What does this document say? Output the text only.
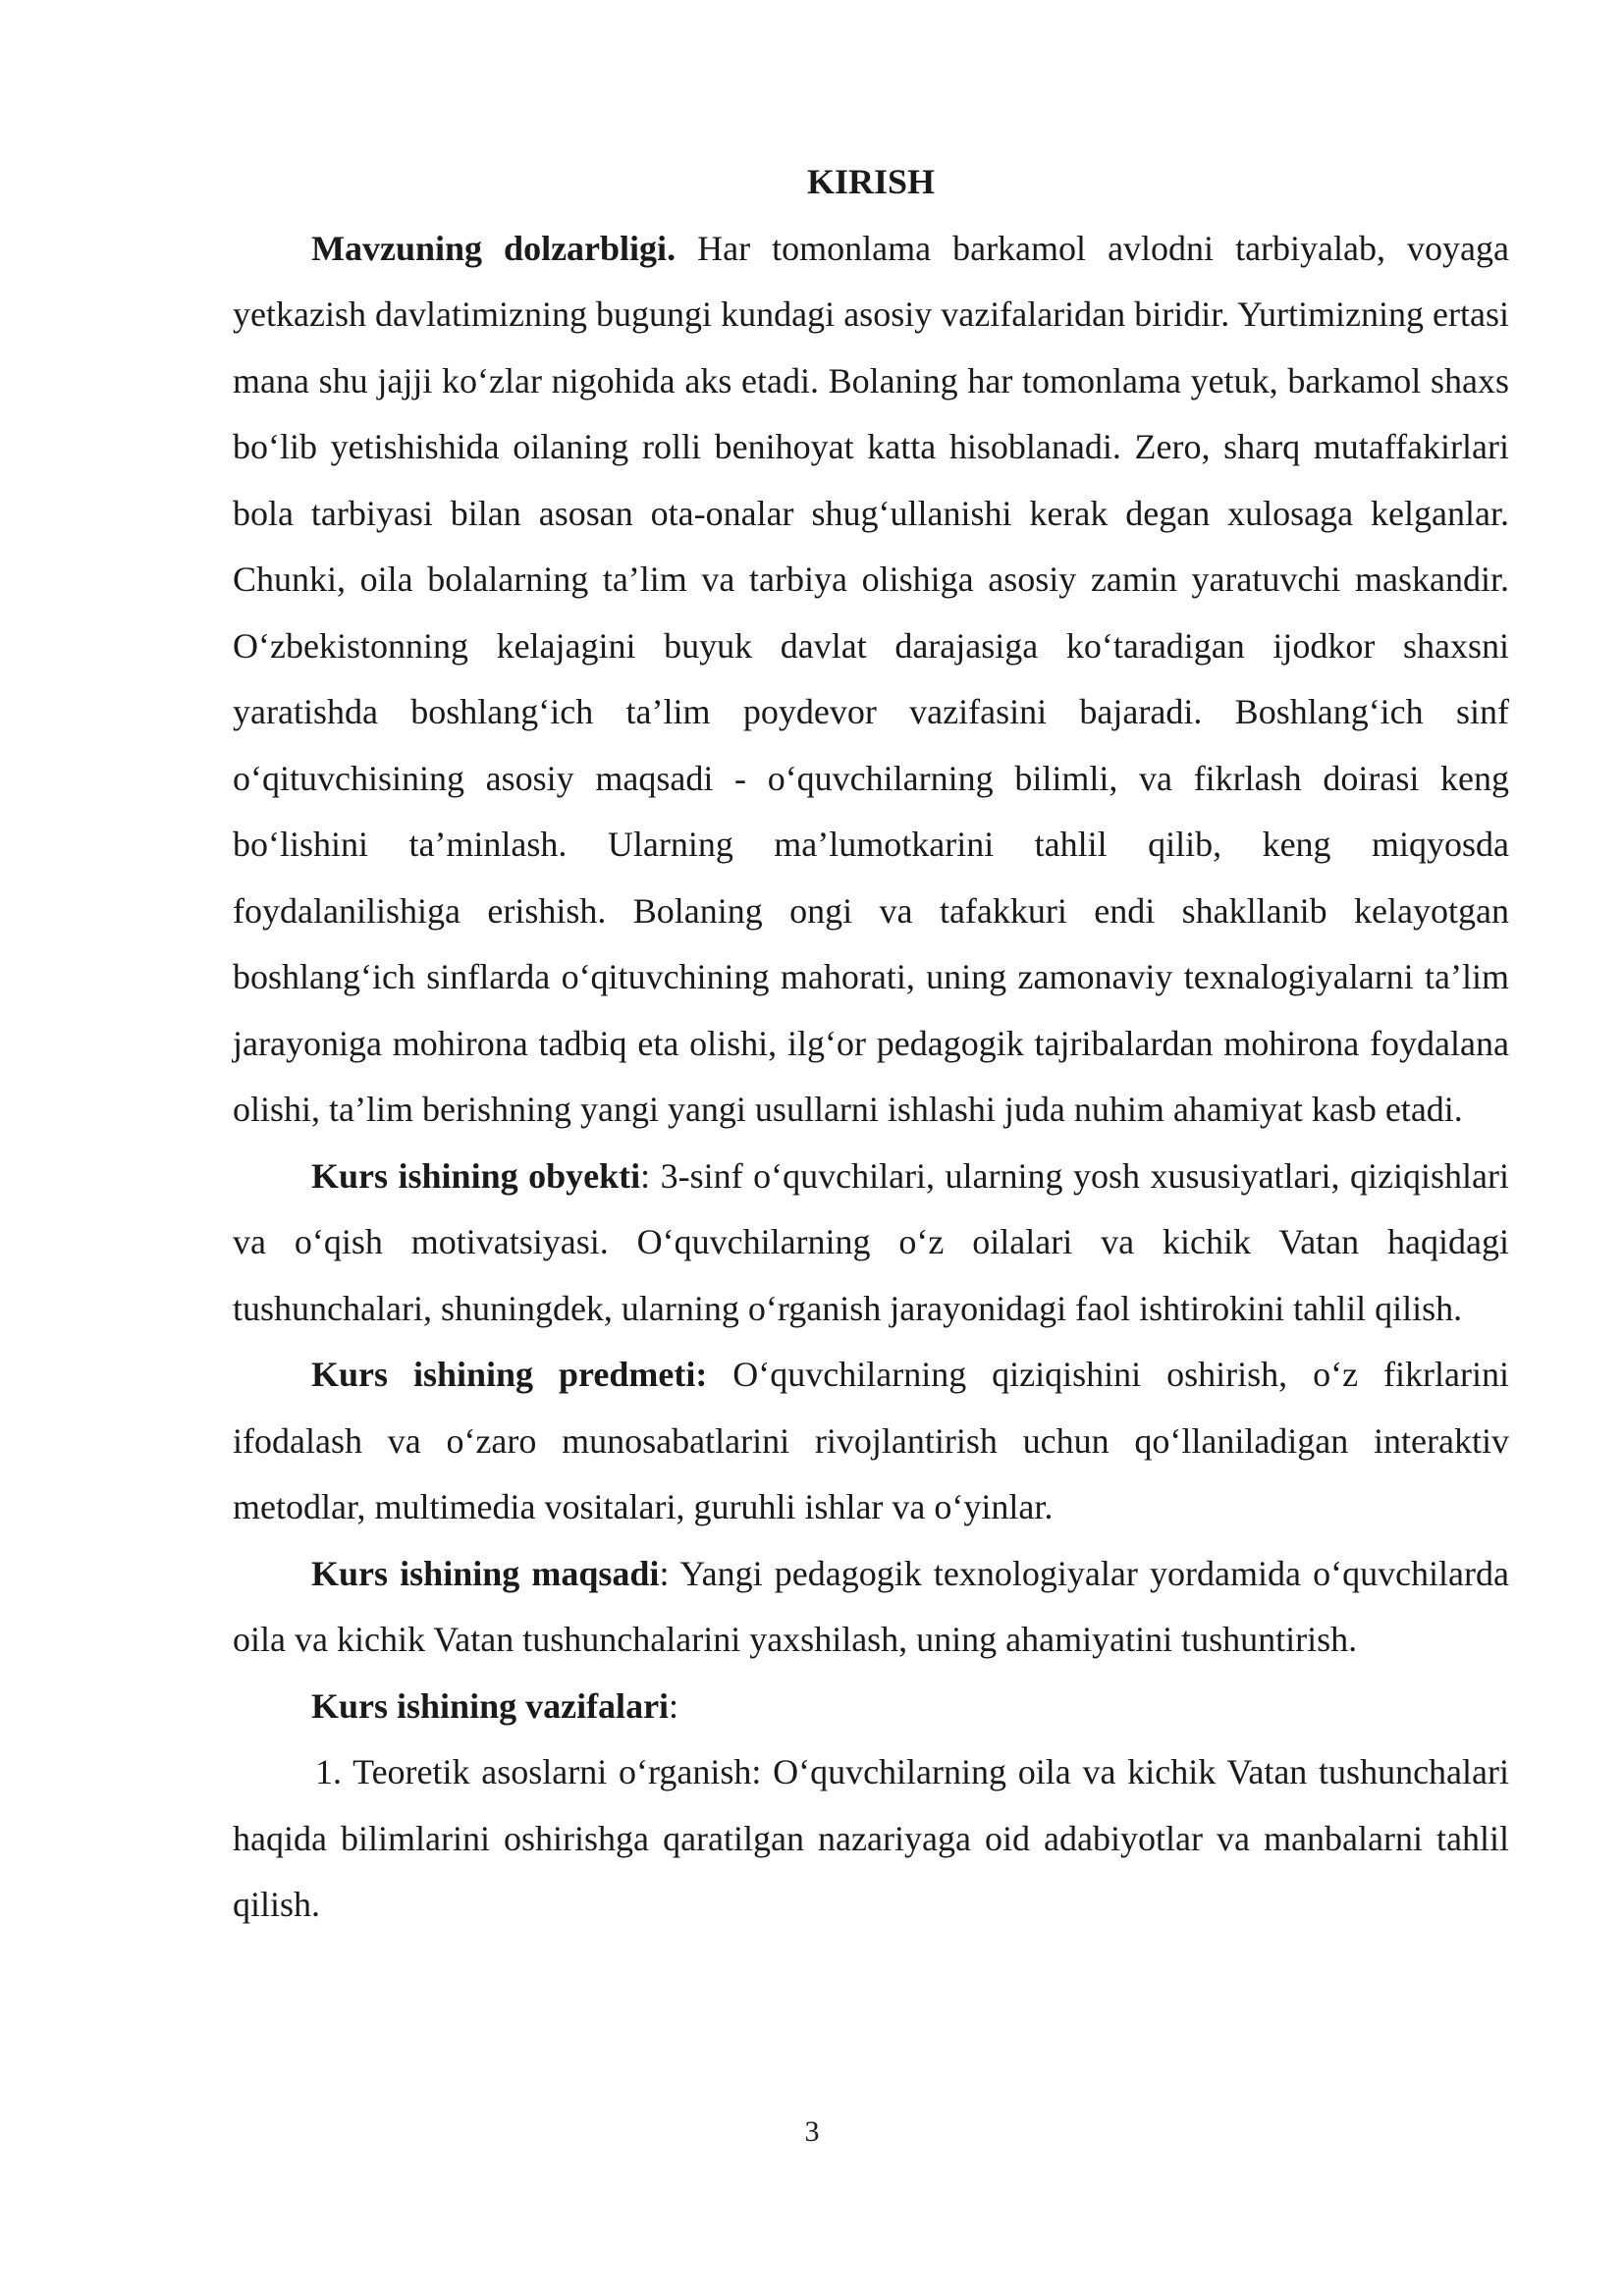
KIRISH

Mavzuning dolzarbligi. Har tomonlama barkamol avlodni tarbiyalab, voyaga yetkazish davlatimizning bugungi kundagi asosiy vazifalaridan biridir. Yurtimizning ertasi mana shu jajji ko‘zlar nigohida aks etadi. Bolaning har tomonlama yetuk, barkamol shaxs bo‘lib yetishishida oilaning rolli benihoyat katta hisoblanadi. Zero, sharq mutaffakirlari bola tarbiyasi bilan asosan ota-onalar shug‘ullanishi kerak degan xulosaga kelganlar. Chunki, oila bolalarning ta’lim va tarbiya olishiga asosiy zamin yaratuvchi maskandir. O‘zbekistonning kelajagini buyuk davlat darajasiga ko‘taradigan ijodkor shaxsni yaratishda boshlang‘ich ta’lim poydevor vazifasini bajaradi. Boshlang‘ich sinf o‘qituvchisining asosiy maqsadi - o‘quvchilarning bilimli, va fikrlash doirasi keng bo‘lishini ta’minlash. Ularning ma’lumotkarini tahlil qilib, keng miqyosda foydalanilishiga erishish. Bolaning ongi va tafakkuri endi shakllanib kelayotgan boshlang‘ich sinflarda o‘qituvchining mahorati, uning zamonaviy texnalogiyalarni ta’lim jarayoniga mohirona tadbiq eta olishi, ilg‘or pedagogik tajribalardan mohirona foydalana olishi, ta’lim berishning yangi yangi usullarni ishlashi juda nuhim ahamiyat kasb etadi.

Kurs ishining obyekti: 3-sinf o‘quvchilari, ularning yosh xususiyatlari, qiziqishlari va o‘qish motivatsiyasi. O‘quvchilarning o‘z oilalari va kichik Vatan haqidagi tushunchalari, shuningdek, ularning o‘rganish jarayonidagi faol ishtirokini tahlil qilish.

Kurs ishining predmeti: O‘quvchilarning qiziqishini oshirish, o‘z fikrlarini ifodalash va o‘zaro munosabatlarini rivojlantirish uchun qo‘llaniladigan interaktiv metodlar, multimedia vositalari, guruhli ishlar va o‘yinlar.

Kurs ishining maqsadi: Yangi pedagogik texnologiyalar yordamida o‘quvchilarda oila va kichik Vatan tushunchalarini yaxshilash, uning ahamiyatini tushuntirish.

Kurs ishining vazifalari:

1. Teoretik asoslarni o‘rganish: O‘quvchilarning oila va kichik Vatan tushunchalari haqida bilimlarini oshirishga qaratilgan nazariyaga oid adabiyotlar va manbalarni tahlil qilish.

3
